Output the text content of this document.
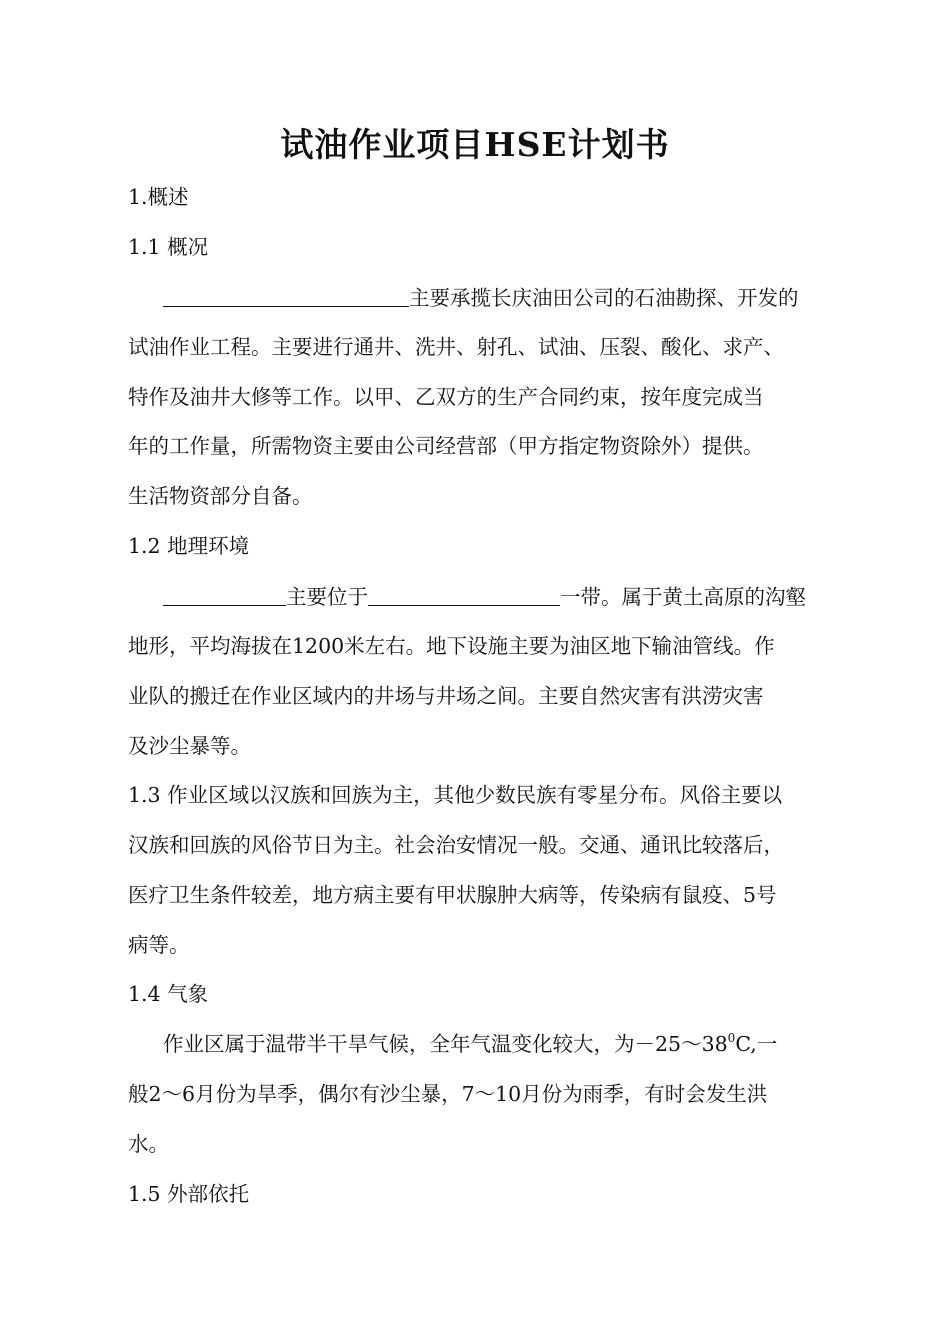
试油作业项目HSE计划书
1.概述
1.1 概况
主要承揽长庆油田公司的石油勘探、开发的
试油作业工程。主要进行通井、洗井、射孔、试油、压裂、酸化、求产、
特作及油井大修等工作。以甲、乙双方的生产合同约束，按年度完成当
年的工作量，所需物资主要由公司经营部（甲方指定物资除外）提供。
生活物资部分自备。
1.2 地理环境
主要位于	一带。属于黄土高原的沟壑
地形，平均海拔在1200米左右。地下设施主要为油区地下输油管线。作
业队的搬迁在作业区域内的井场与井场之间。主要自然灾害有洪涝灾害
及沙尘暴等。
1.3 作业区域以汉族和回族为主，其他少数民族有零星分布。风俗主要以
汉族和回族的风俗节日为主。社会治安情况一般。交通、通讯比较落后，
医疗卫生条件较差，地方病主要有甲状腺肿大病等，传染病有鼠疫、5号
病等。
1.4 气象
作业区属于温带半干旱气候，全年气温变化较大，为$-25\sim 38^0C$,一
般2～6月份为旱季，偶尔有沙尘暴，7～10月份为雨季，有时会发生洪
水。
1.5 外部依托
